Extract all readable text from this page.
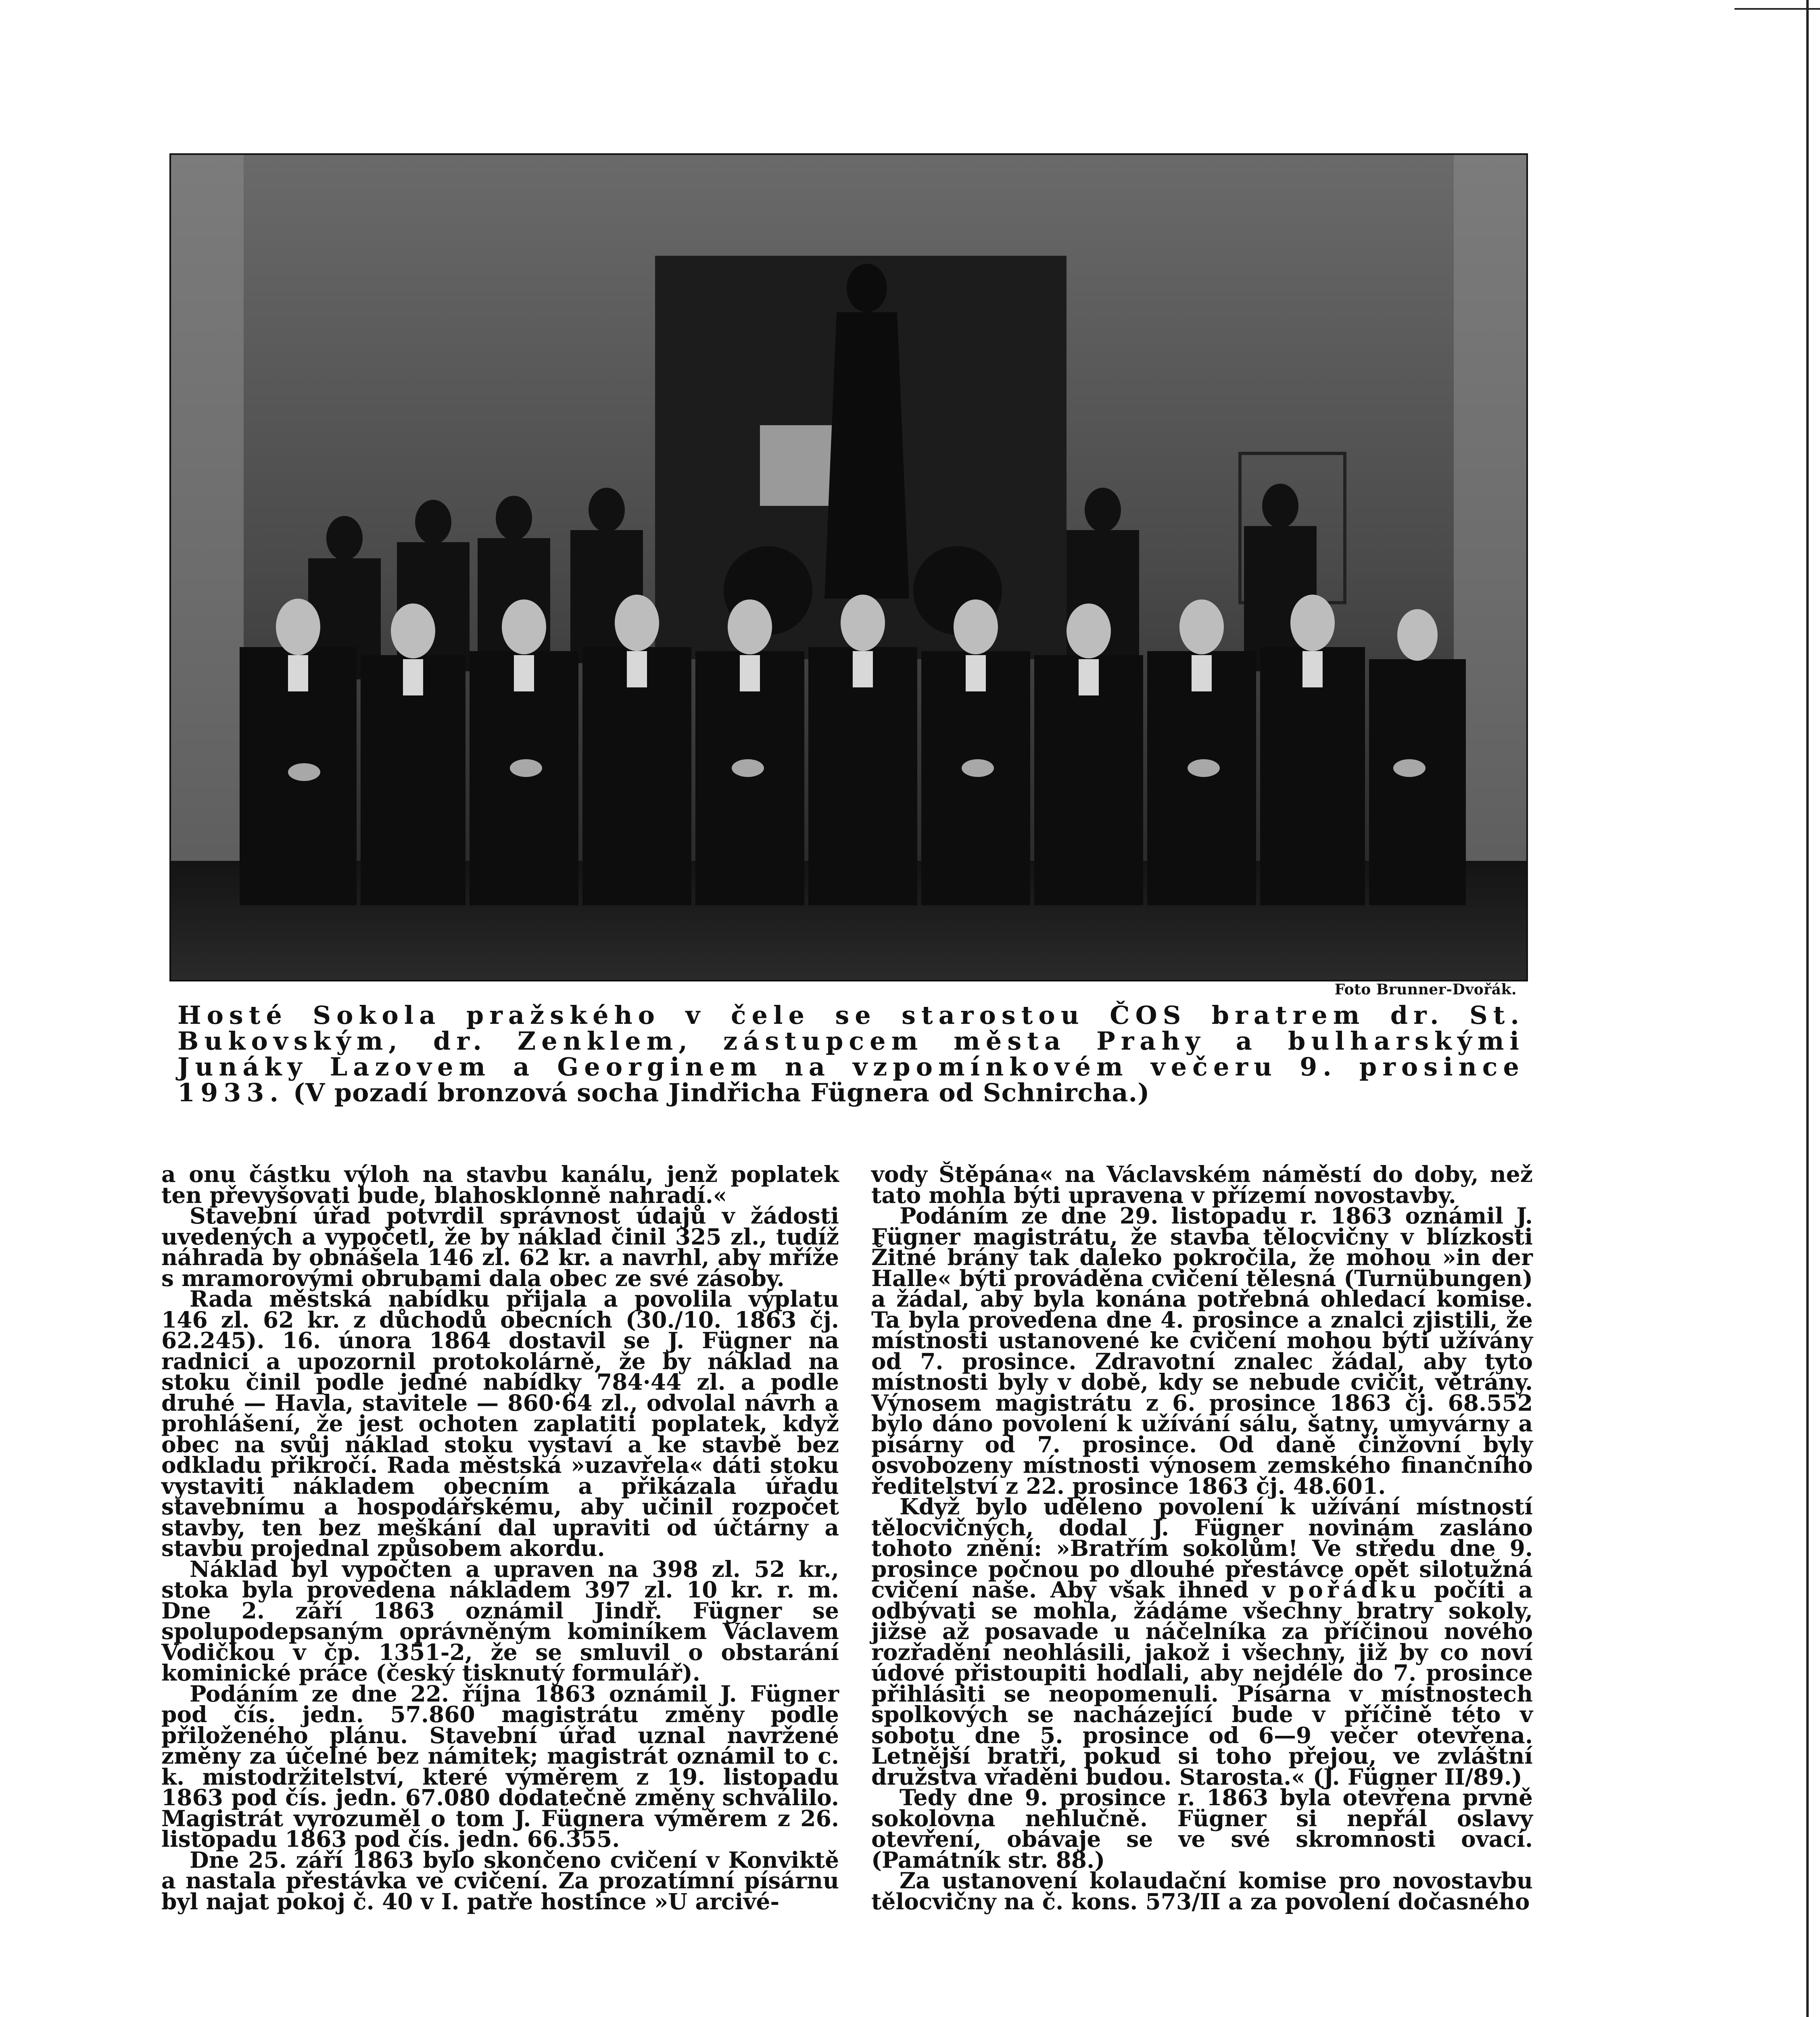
Foto Brunner-Dvořák.
Hosté Sokola pražského v čele se starostou ČOS bratrem dr. St. Bukovským, dr. Zenklem, zástupcem města Prahy a bulharskými Junáky Lazovem a Georginem na vzpomínkovém večeru 9. prosince 1933. (V pozadí bronzová socha Jindřicha Fügnera od Schnircha.)

a onu částku výloh na stavbu kanálu, jenž poplatek ten převyšovati bude, blahosklonně nahradí.«

Stavební úřad potvrdil správnost údajů v žádosti uvedených a vypočetl, že by náklad činil 325 zl., tudíž náhrada by obnášela 146 zl. 62 kr. a navrhl, aby mříže s mramorovými obrubami dala obec ze své zásoby.

Rada městská nabídku přijala a povolila výplatu 146 zl. 62 kr. z důchodů obecních (30./10. 1863 čj. 62.245). 16. února 1864 dostavil se J. Fügner na radnici a upozornil protokolárně, že by náklad na stoku činil podle jedné nabídky 784·44 zl. a podle druhé — Havla, stavitele — 860·64 zl., odvolal návrh a prohlášení, že jest ochoten zaplatiti poplatek, když obec na svůj náklad stoku vystaví a ke stavbě bez odkladu přikročí. Rada městská »uzavřela« dáti stoku vystaviti nákladem obecním a přikázala úřadu stavebnímu a hospodářskému, aby učinil rozpočet stavby, ten bez meškání dal upraviti od účtárny a stavbu projednal způsobem akordu.

Náklad byl vypočten a upraven na 398 zl. 52 kr., stoka byla provedena nákladem 397 zl. 10 kr. r. m. Dne 2. září 1863 oznámil Jindř. Fügner se spolupodepsaným oprávněným kominíkem Václavem Vodičkou v čp. 1351-2, že se smluvil o obstarání kominické práce (český tisknutý formulář).

Podáním ze dne 22. října 1863 oznámil J. Fügner pod čís. jedn. 57.860 magistrátu změny podle přiloženého plánu. Stavební úřad uznal navržené změny za účelné bez námitek; magistrát oznámil to c. k. místodržitelství, které výměrem z 19. listopadu 1863 pod čís. jedn. 67.080 dodatečně změny schválilo. Magistrát vyrozuměl o tom J. Fügnera výměrem z 26. listopadu 1863 pod čís. jedn. 66.355.

Dne 25. září 1863 bylo skončeno cvičení v Konviktě a nastala přestávka ve cvičení. Za prozatímní písárnu byl najat pokoj č. 40 v I. patře hostince »U arcivé-

vody Štěpána« na Václavském náměstí do doby, než tato mohla býti upravena v přízemí novostavby.

Podáním ze dne 29. listopadu r. 1863 oznámil J. Fügner magistrátu, že stavba tělocvičny v blízkosti Žitné brány tak daleko pokročila, že mohou »in der Halle« býti prováděna cvičení tělesná (Turnübungen) a žádal, aby byla konána potřebná ohledací komise. Ta byla provedena dne 4. prosince a znalci zjistili, že místnosti ustanovené ke cvičení mohou býti užívány od 7. prosince. Zdravotní znalec žádal, aby tyto místnosti byly v době, kdy se nebude cvičit, větrány. Výnosem magistrátu z 6. prosince 1863 čj. 68.552 bylo dáno povolení k užívání sálu, šatny, umyvárny a písárny od 7. prosince. Od daně činžovní byly osvobozeny místnosti výnosem zemského finančního ředitelství z 22. prosince 1863 čj. 48.601.

Když bylo uděleno povolení k užívání místností tělocvičných, dodal J. Fügner novinám zasláno tohoto znění: »Bratřím sokolům! Ve středu dne 9. prosince počnou po dlouhé přestávce opět silotužná cvičení naše. Aby však ihned v pořádku počíti a odbývati se mohla, žádáme všechny bratry sokoly, jižse až posavade u náčelníka za příčinou nového rozřadění neohlásili, jakož i všechny, již by co noví údové přistoupiti hodlali, aby nejdéle do 7. prosince přihlásiti se neopomenuli. Písárna v místnostech spolkových se nacházející bude v příčině této v sobotu dne 5. prosince od 6—9 večer otevřena. Letnější bratři, pokud si toho přejou, ve zvláštní družstva vřaděni budou. Starosta.« (J. Fügner II/89.)

Tedy dne 9. prosince r. 1863 byla otevřena prvně sokolovna nehlučně. Fügner si nepřál oslavy otevření, obávaje se ve své skromnosti ovací. (Památník str. 88.)

Za ustanovení kolaudační komise pro novostavbu tělocvičny na č. kons. 573/II a za povolení dočasného
